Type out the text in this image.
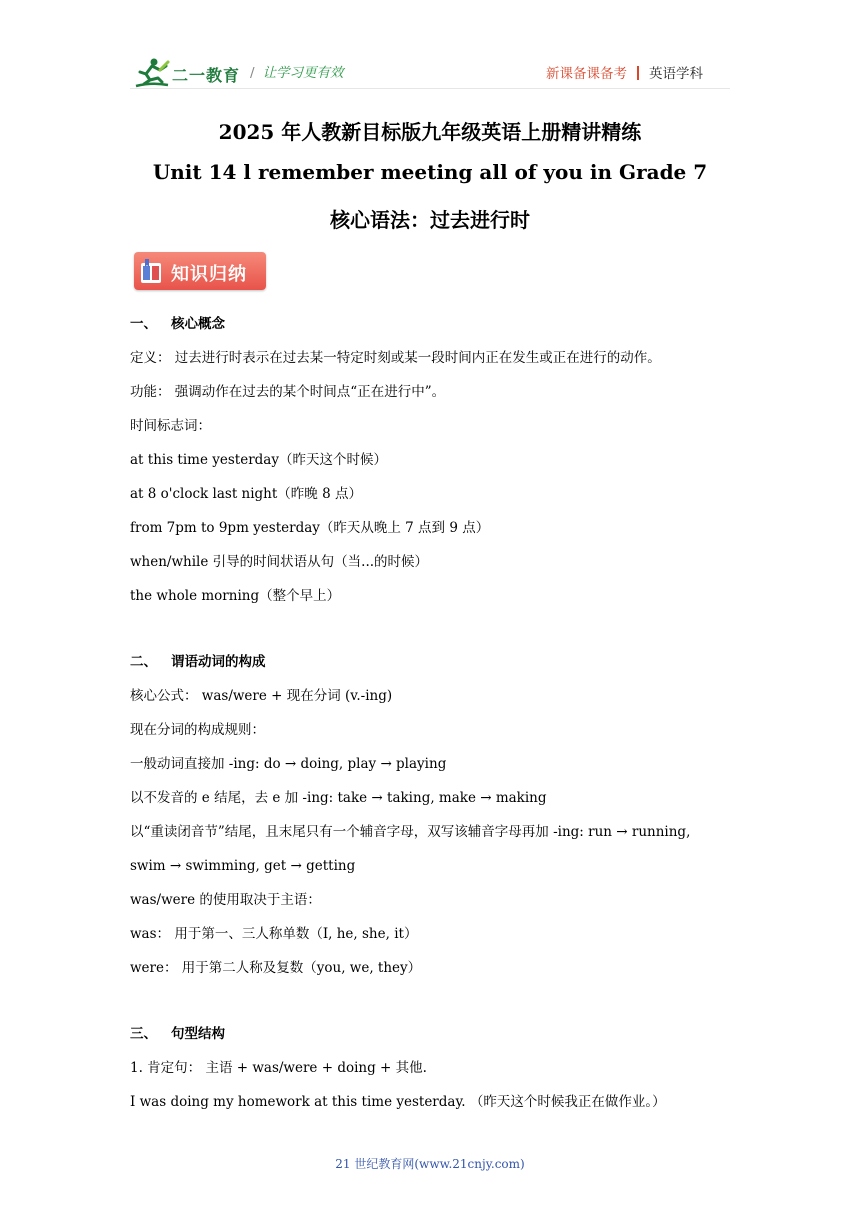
二一教育 / 让学习更有效	新课备课备考 英语学科
2025 年人教新目标版九年级英语上册精讲精练
Unit 14 l remember meeting all of you in Grade 7
核心语法：过去进行时
知识归纳
一、 核心概念
定义： 过去进行时表示在过去某一特定时刻或某一段时间内正在发生或正在进行的动作。
功能： 强调动作在过去的某个时间点“正在进行中”。
时间标志词：
at this time yesterday（昨天这个时候）
at 8 o'clock last night（昨晚 8 点）
from 7pm to 9pm yesterday（昨天从晚上 7 点到 9 点）
when/while 引导的时间状语从句（当...的时候）
the whole morning（整个早上）
二、 谓语动词的构成
核心公式： was/were + 现在分词 (v.-ing)
现在分词的构成规则：
一般动词直接加 -ing: do → doing, play → playing
以不发音的 e 结尾，去 e 加 -ing: take → taking, make → making
以“重读闭音节”结尾，且末尾只有一个辅音字母，双写该辅音字母再加 -ing: run → running,
swim → swimming, get → getting
was/were 的使用取决于主语：
was： 用于第一、三人称单数（I, he, she, it）
were： 用于第二人称及复数（you, we, they）
三、 句型结构
1. 肯定句： 主语 + was/were + doing + 其他.
I was doing my homework at this time yesterday. （昨天这个时候我正在做作业。）
21 世纪教育网(www.21cnjy.com)
